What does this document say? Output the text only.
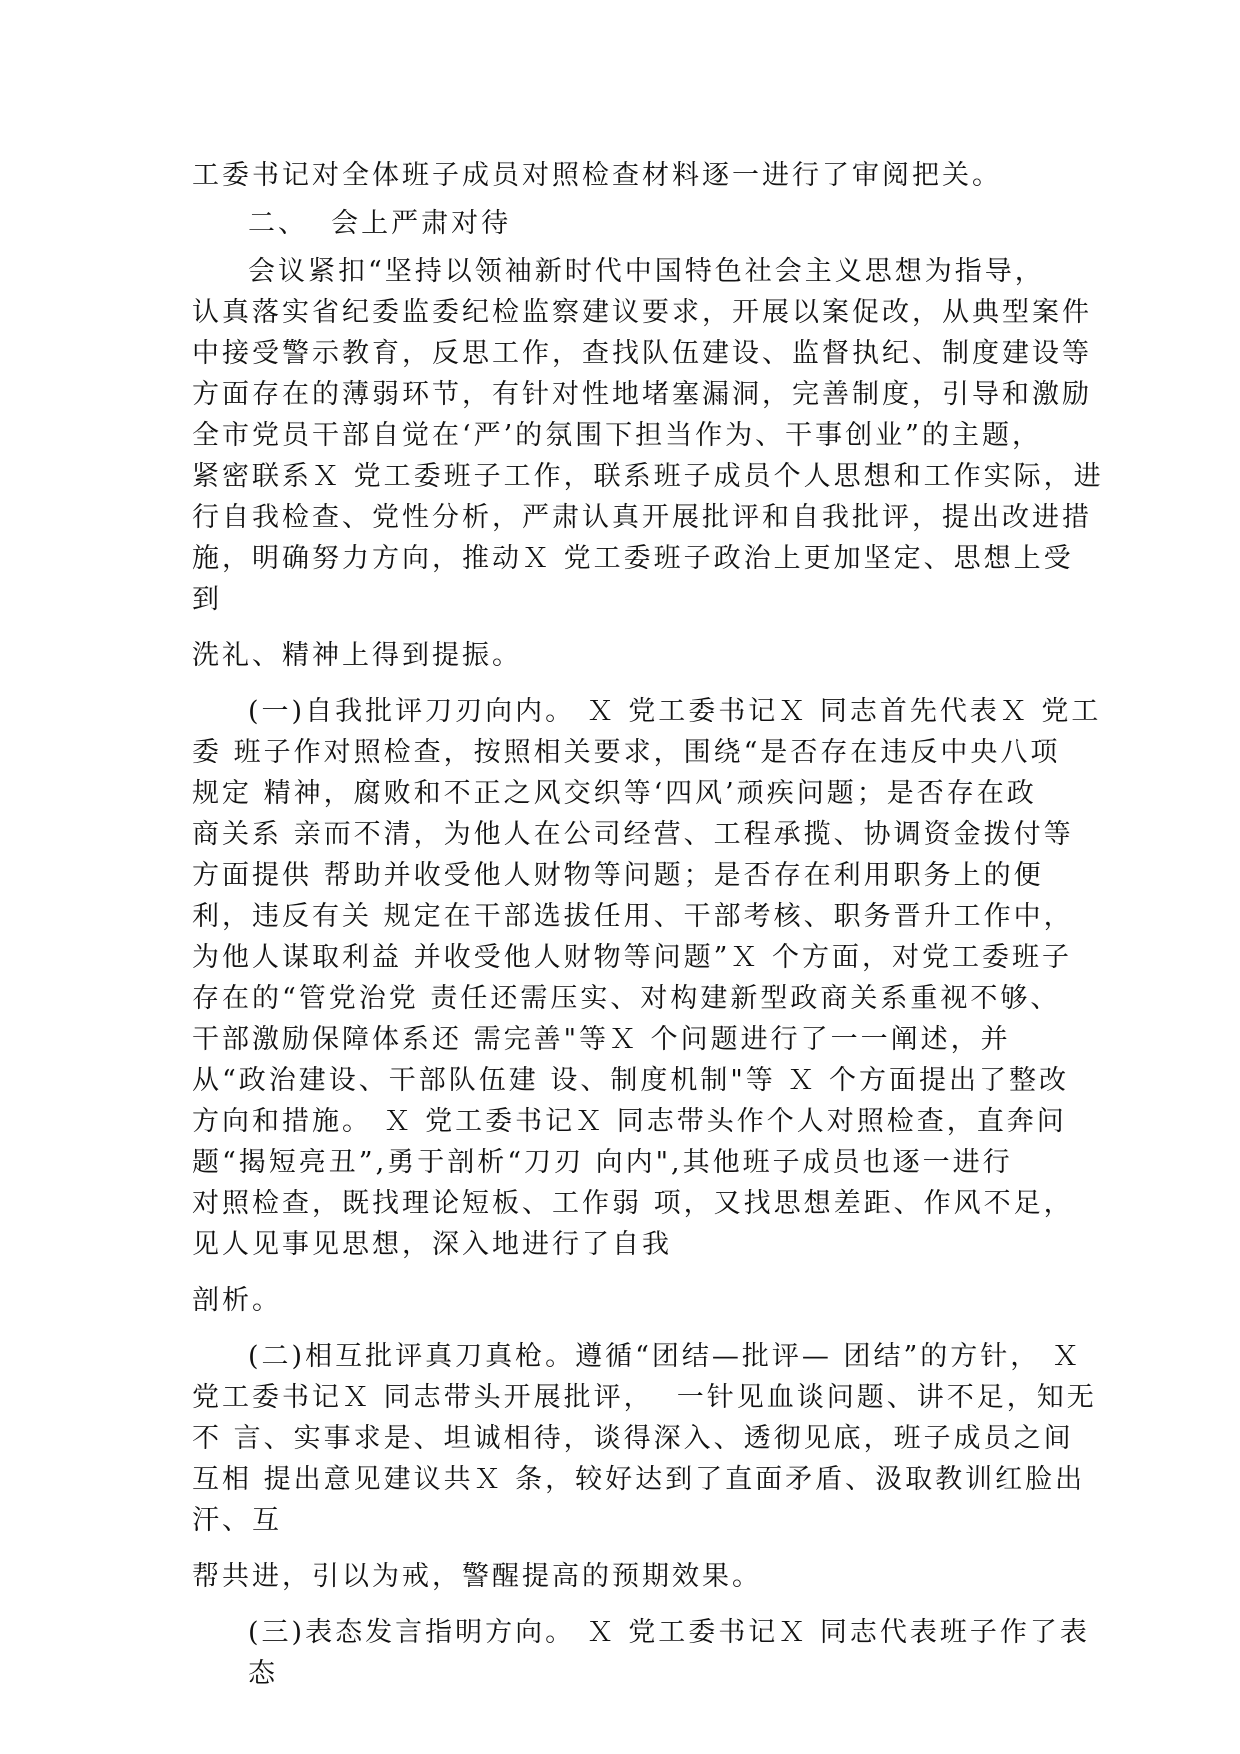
工委书记对全体班子成员对照检查材料逐一进行了审阅把关。
二、  会上严肃对待
会议紧扣“坚持以领袖新时代中国特色社会主义思想为指导，
认真落实省纪委监委纪检监察建议要求，开展以案促改，从典型案件
中接受警示教育，反思工作，查找队伍建设、监督执纪、制度建设等
方面存在的薄弱环节，有针对性地堵塞漏洞，完善制度，引导和激励
全市党员干部自觉在‘严’的氛围下担当作为、干事创业”的主题，
紧密联系Ｘ 党工委班子工作，联系班子成员个人思想和工作实际，进
行自我检查、党性分析，严肃认真开展批评和自我批评，提出改进措
施，明确努力方向，推动Ｘ 党工委班子政治上更加坚定、思想上受
到
洗礼、精神上得到提振。
(一)自我批评刀刃向内。 Ｘ 党工委书记Ｘ 同志首先代表Ｘ 党工
委 班子作对照检查，按照相关要求，围绕“是否存在违反中央八项
规定 精神，腐败和不正之风交织等‘四风’顽疾问题；是否存在政
商关系 亲而不清，为他人在公司经营、工程承揽、协调资金拨付等
方面提供 帮助并收受他人财物等问题；是否存在利用职务上的便
利，违反有关 规定在干部选拔任用、干部考核、职务晋升工作中，
为他人谋取利益 并收受他人财物等问题”Ｘ 个方面，对党工委班子
存在的“管党治党 责任还需压实、对构建新型政商关系重视不够、
干部激励保障体系还 需完善"等Ｘ 个问题进行了一一阐述，并
从“政治建设、干部队伍建 设、制度机制"等 Ｘ 个方面提出了整改
方向和措施。 Ｘ 党工委书记Ｘ 同志带头作个人对照检查，直奔问
题“揭短亮丑”,勇于剖析“刀刃 向内",其他班子成员也逐一进行
对照检查，既找理论短板、工作弱 项，又找思想差距、作风不足，
见人见事见思想，深入地进行了自我
剖析。
(二)相互批评真刀真枪。遵循“团结—批评— 团结”的方针， Ｘ
党工委书记Ｘ 同志带头开展批评，  一针见血谈问题、讲不足，知无
不 言、实事求是、坦诚相待，谈得深入、透彻见底，班子成员之间
互相 提出意见建议共Ｘ 条，较好达到了直面矛盾、汲取教训红脸出
汗、互
帮共进，引以为戒，警醒提高的预期效果。
(三)表态发言指明方向。 Ｘ 党工委书记Ｘ 同志代表班子作了表
态
